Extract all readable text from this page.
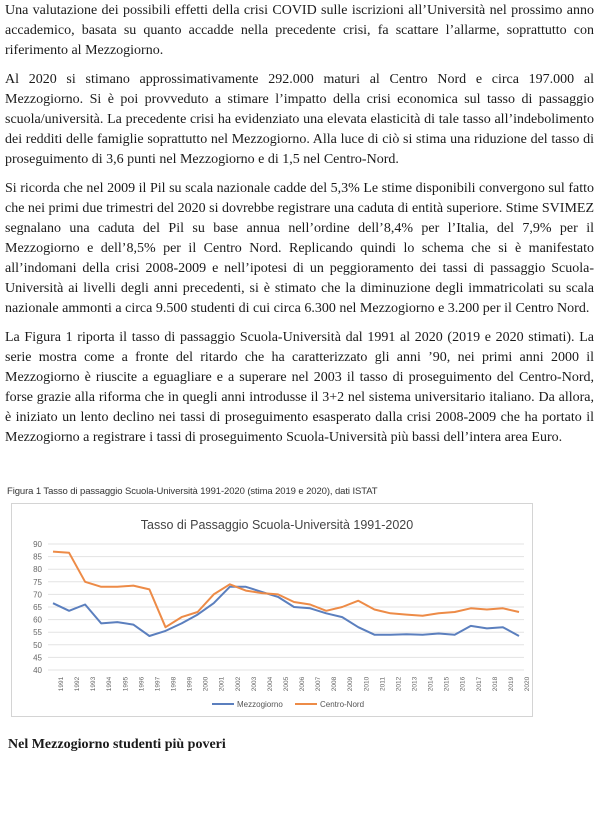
Una valutazione dei possibili effetti della crisi COVID sulle iscrizioni all’Università nel prossimo anno accademico, basata su quanto accadde nella precedente crisi, fa scattare l’allarme, soprattutto con riferimento al Mezzogiorno.

Al 2020 si stimano approssimativamente 292.000 maturi al Centro Nord e circa 197.000 al Mezzogiorno. Si è poi provveduto a stimare l’impatto della crisi economica sul tasso di passaggio scuola/università. La precedente crisi ha evidenziato una elevata elasticità di tale tasso all’indebolimento dei redditi delle famiglie soprattutto nel Mezzogiorno. Alla luce di ciò si stima una riduzione del tasso di proseguimento di 3,6 punti nel Mezzogiorno e di 1,5 nel Centro-Nord.

Si ricorda che nel 2009 il Pil su scala nazionale cadde del 5,3% Le stime disponibili convergono sul fatto che nei primi due trimestri del 2020 si dovrebbe registrare una caduta di entità superiore. Stime SVIMEZ segnalano una caduta del Pil su base annua nell’ordine dell’8,4% per l’Italia, del 7,9% per il Mezzogiorno e dell’8,5% per il Centro Nord. Replicando quindi lo schema che si è manifestato all’indomani della crisi 2008-2009 e nell’ipotesi di un peggioramento dei tassi di passaggio Scuola-Università ai livelli degli anni precedenti, si è stimato che la diminuzione degli immatricolati su scala nazionale ammonti a circa 9.500 studenti di cui circa 6.300 nel Mezzogiorno e 3.200 per il Centro Nord.

La Figura 1 riporta il tasso di passaggio Scuola-Università dal 1991 al 2020 (2019 e 2020 stimati). La serie mostra come a fronte del ritardo che ha caratterizzato gli anni ’90, nei primi anni 2000 il Mezzogiorno è riuscite a eguagliare e a superare nel 2003 il tasso di proseguimento del Centro-Nord, forse grazie alla riforma che in quegli anni introdusse il 3+2 nel sistema universitario italiano. Da allora, è iniziato un lento declino nei tassi di proseguimento esasperato dalla crisi 2008-2009 che ha portato il Mezzogiorno a registrare i tassi di proseguimento Scuola-Università più bassi dell’intera area Euro.

Figura 1 Tasso di passaggio Scuola-Università 1991-2020 (stima 2019 e 2020), dati ISTAT
Tasso di Passaggio Scuola-Università 1991-2020
40
45
50
55
60
65
70
75
80
85
90
1991 1992 1993 1994 1995 1996 1997 1998 1999 2000 2001 2002 2003 2004 2005 2006 2007 2008 2009 2010 2011 2012 2013 2014 2015 2016 2017 2018 2019 2020
Mezzogiorno	Centro-Nord
Nel Mezzogiorno studenti più poveri
